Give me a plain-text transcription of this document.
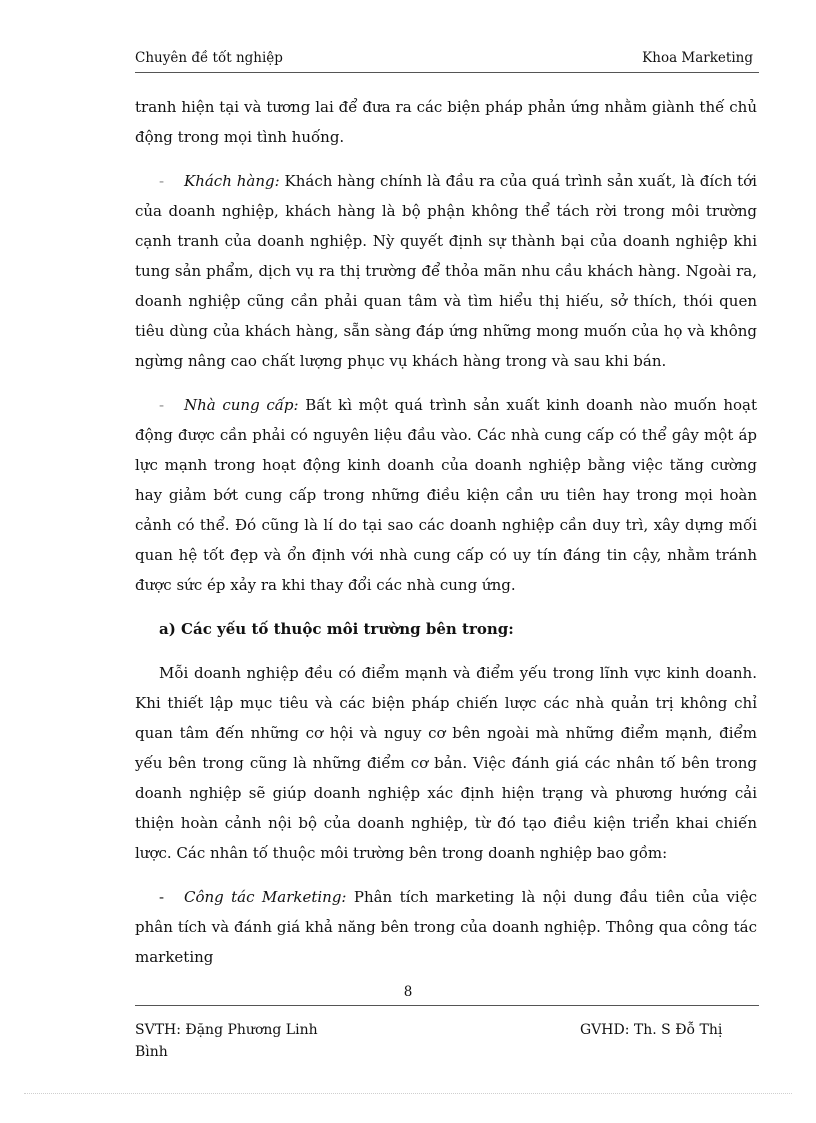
Chuyên đề tốt nghiệp	Khoa Marketing

tranh hiện tại và tương lai để đưa ra các biện pháp phản ứng nhằm giành thế chủ động trong mọi tình huống.

- Khách hàng: Khách hàng chính là đầu ra của quá trình sản xuất, là đích tới của doanh nghiệp, khách hàng là bộ phận không thể tách rời trong môi trường cạnh tranh của doanh nghiệp. Nỳ quyết định sự thành bại của doanh nghiệp khi tung sản phẩm, dịch vụ ra thị trường để thỏa mãn nhu cầu khách hàng. Ngoài ra, doanh nghiệp cũng cần phải quan tâm và tìm hiểu thị hiếu, sở thích, thói quen tiêu dùng của khách hàng, sẵn sàng đáp ứng những mong muốn của họ và không ngừng nâng cao chất lượng phục vụ khách hàng trong và sau khi bán.

- Nhà cung cấp: Bất kì một quá trình sản xuất kinh doanh nào muốn hoạt động được cần phải có nguyên liệu đầu vào. Các nhà cung cấp có thể gây một áp lực mạnh trong hoạt động kinh doanh của doanh nghiệp bằng việc tăng cường hay giảm bớt cung cấp trong những điều kiện cần ưu tiên hay trong mọi hoàn cảnh có thể. Đó cũng là lí do tại sao các doanh nghiệp cần duy trì, xây dựng mối quan hệ tốt đẹp và ổn định với nhà cung cấp có uy tín đáng tin cậy, nhằm tránh được sức ép xảy ra khi thay đổi các nhà cung ứng.

a) Các yếu tố thuộc môi trường bên trong:

Mỗi doanh nghiệp đều có điểm mạnh và điểm yếu trong lĩnh vực kinh doanh. Khi thiết lập mục tiêu và các biện pháp chiến lược các nhà quản trị không chỉ quan tâm đến những cơ hội và nguy cơ bên ngoài mà những điểm mạnh, điểm yếu bên trong cũng là những điểm cơ bản. Việc đánh giá các nhân tố bên trong doanh nghiệp sẽ giúp doanh nghiệp xác định hiện trạng và phương hướng cải thiện hoàn cảnh nội bộ của doanh nghiệp, từ đó tạo điều kiện triển khai chiến lược. Các nhân tố thuộc môi trường bên trong doanh nghiệp bao gồm:

- Công tác Marketing: Phân tích marketing là nội dung đầu tiên của việc phân tích và đánh giá khả năng bên trong của doanh nghiệp. Thông qua công tác marketing

8
SVTH: Đặng Phương Linh	GVHD: Th. S Đỗ Thị
Bình
